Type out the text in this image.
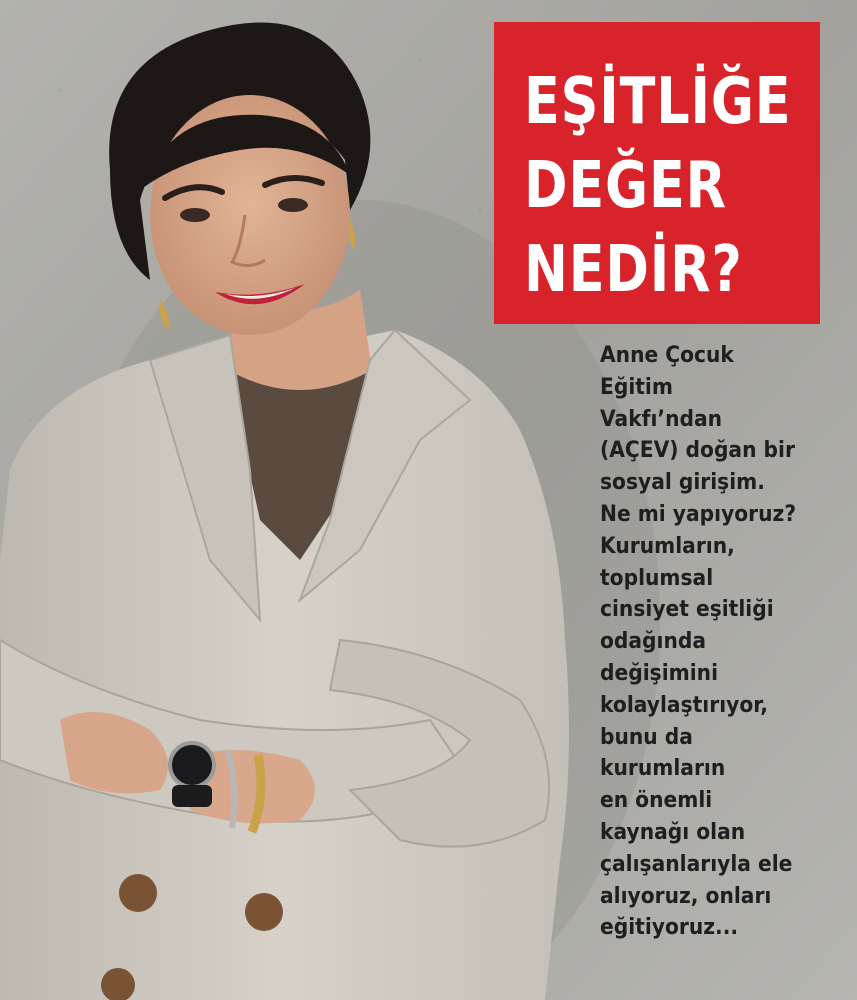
EŞİTLİĞE
DEĞER
NEDİR?
Anne Çocuk
Eğitim
Vakfı’ndan
(AÇEV) doğan bir
sosyal girişim.
Ne mi yapıyoruz?
Kurumların,
toplumsal
cinsiyet eşitliği
odağında
değişimini
kolaylaştırıyor,
bunu da
kurumların
en önemli
kaynağı olan
çalışanlarıyla ele
alıyoruz, onları
eğitiyoruz...
